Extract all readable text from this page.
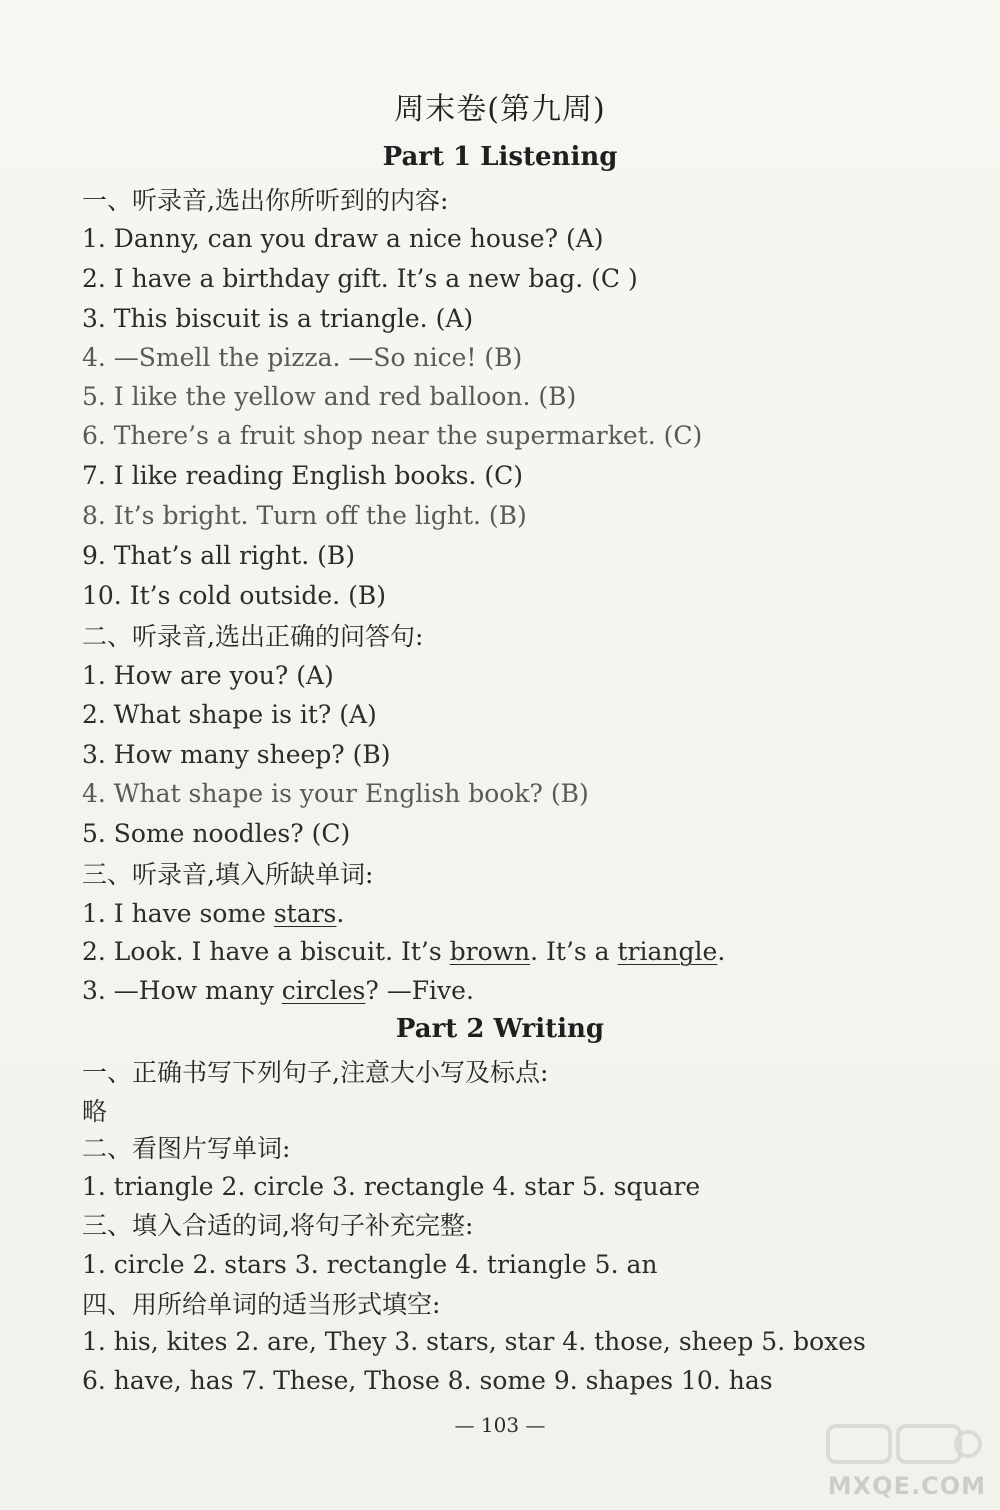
周末卷(第九周)
Part 1 Listening
一、听录音,选出你所听到的内容:
1. Danny, can you draw a nice house? (A)
2. I have a birthday gift. It’s a new bag. (C )
3. This biscuit is a triangle. (A)
4. —Smell the pizza. —So nice! (B)
5. I like the yellow and red balloon. (B)
6. There’s a fruit shop near the supermarket. (C)
7. I like reading English books. (C)
8. It’s bright. Turn off the light. (B)
9. That’s all right. (B)
10. It’s cold outside. (B)
二、听录音,选出正确的问答句:
1. How are you? (A)
2. What shape is it? (A)
3. How many sheep? (B)
4. What shape is your English book? (B)
5. Some noodles? (C)
三、听录音,填入所缺单词:
1. I have some stars.
2. Look. I have a biscuit. It’s brown. It’s a triangle.
3. —How many circles? —Five.
Part 2 Writing
一、正确书写下列句子,注意大小写及标点:
略
二、看图片写单词:
1. triangle 2. circle 3. rectangle 4. star 5. square
三、填入合适的词,将句子补充完整:
1. circle 2. stars 3. rectangle 4. triangle 5. an
四、用所给单词的适当形式填空:
1. his, kites 2. are, They 3. stars, star 4. those, sheep 5. boxes
6. have, has 7. These, Those 8. some 9. shapes 10. has
— 103 —
MXQE.COM
